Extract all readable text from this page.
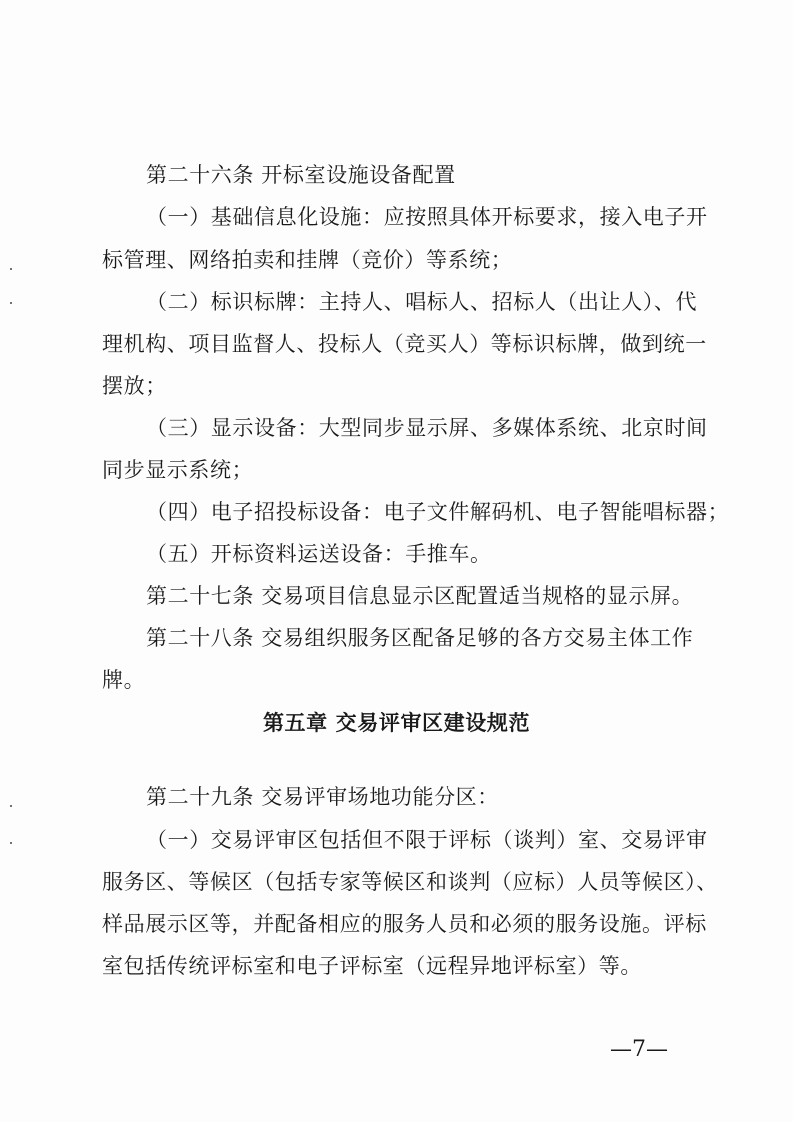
第二十六条 开标室设施设备配置
（一）基础信息化设施：应按照具体开标要求，接入电子开
标管理、网络拍卖和挂牌（竞价）等系统；
（二）标识标牌：主持人、唱标人、招标人（出让人）、代
理机构、项目监督人、投标人（竞买人）等标识标牌，做到统一
摆放；
（三）显示设备：大型同步显示屏、多媒体系统、北京时间
同步显示系统；
（四）电子招投标设备：电子文件解码机、电子智能唱标器；
（五）开标资料运送设备：手推车。
第二十七条 交易项目信息显示区配置适当规格的显示屏。
第二十八条 交易组织服务区配备足够的各方交易主体工作
牌。
第五章 交易评审区建设规范
第二十九条 交易评审场地功能分区：
（一）交易评审区包括但不限于评标（谈判）室、交易评审
服务区、等候区（包括专家等候区和谈判（应标）人员等候区）、
样品展示区等，并配备相应的服务人员和必须的服务设施。评标
室包括传统评标室和电子评标室（远程异地评标室）等。
—7—
